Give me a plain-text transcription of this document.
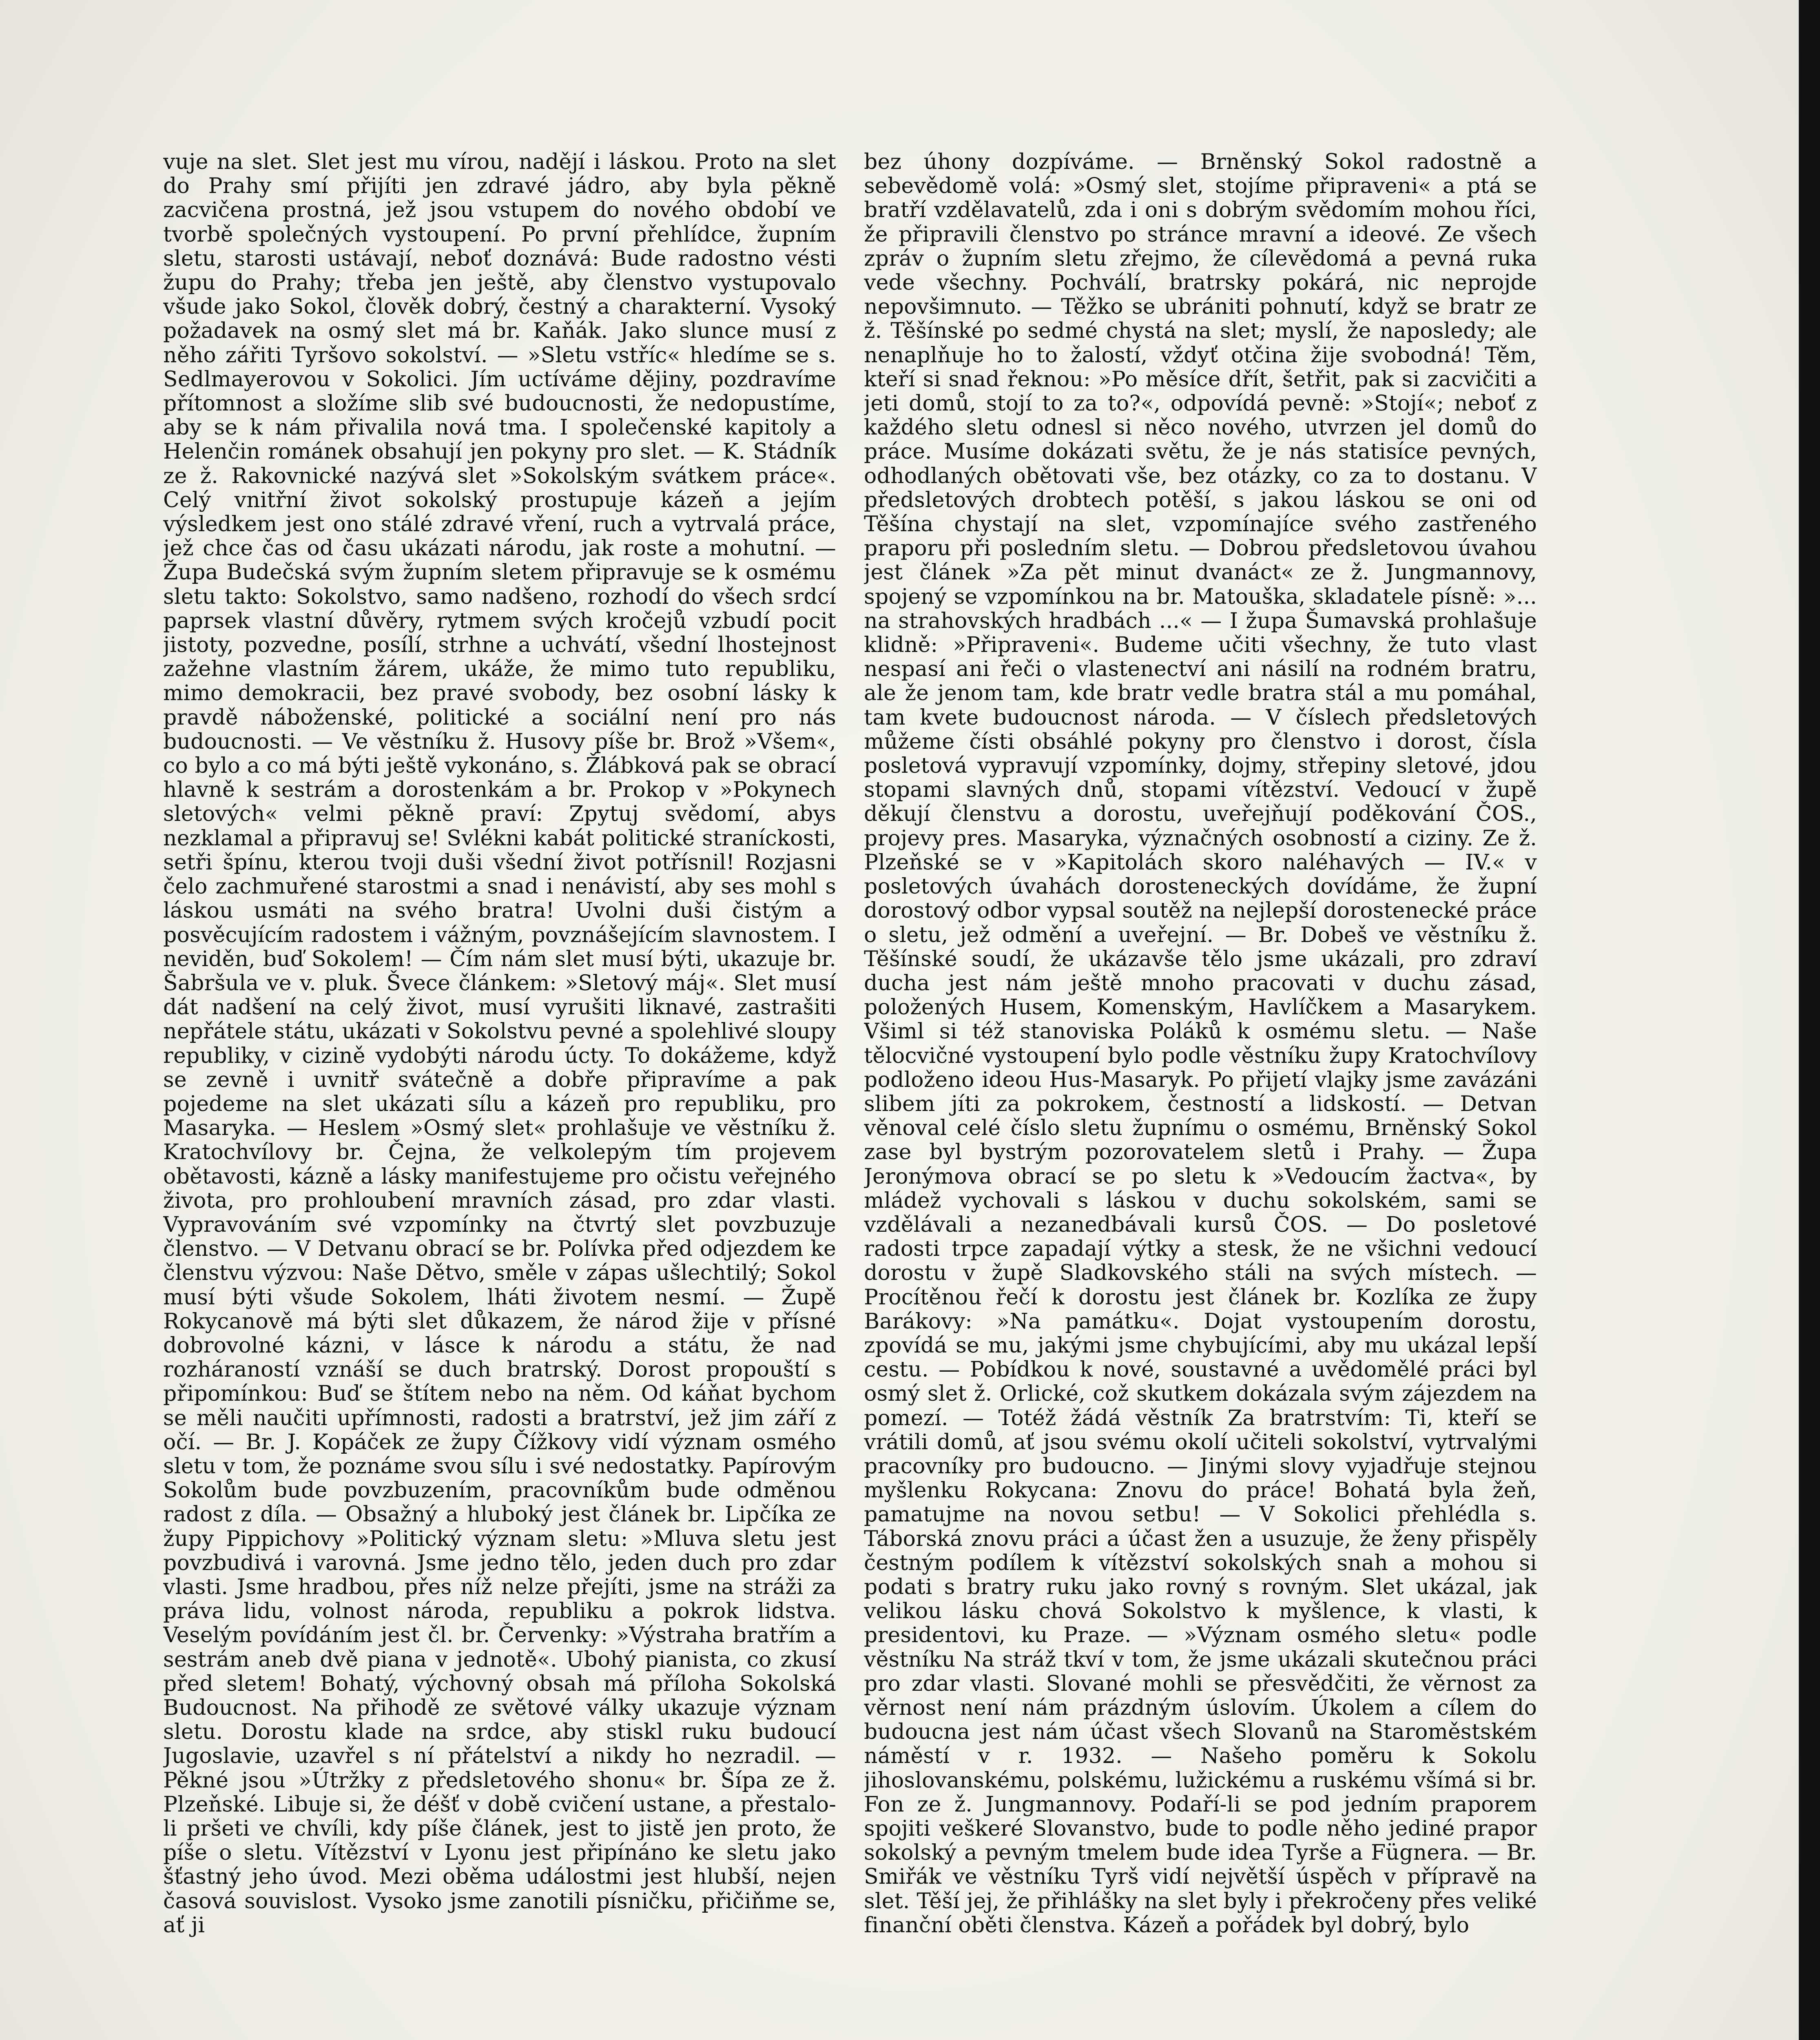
vuje na slet. Slet jest mu vírou, nadějí i láskou. Proto na slet do Prahy smí přijíti jen zdravé jádro, aby byla pěkně zacvičena prostná, jež jsou vstupem do nového období ve tvorbě společných vystoupení. Po první přehlídce, župním sletu, starosti ustávají, neboť doznává: Bude radostno vésti župu do Prahy; třeba jen ještě, aby členstvo vystupovalo všude jako Sokol, člověk dobrý, čestný a charakterní. Vysoký požadavek na osmý slet má br. Kaňák. Jako slunce musí z něho zářiti Tyršovo sokolství. — »Sletu vstříc« hledíme se s. Sedlmayerovou v Sokolici. Jím uctíváme dějiny, pozdravíme přítomnost a složíme slib své budoucnosti, že nedopustíme, aby se k nám přivalila nová tma. I společenské kapitoly a Helenčin románek obsahují jen pokyny pro slet. — K. Stádník ze ž. Rakovnické nazývá slet »Sokolským svátkem práce«. Celý vnitřní život sokolský prostupuje kázeň a jejím výsledkem jest ono stálé zdravé vření, ruch a vytrvalá práce, jež chce čas od času ukázati národu, jak roste a mohutní. — Župa Budečská svým župním sletem připravuje se k osmému sletu takto: Sokolstvo, samo nadšeno, rozhodí do všech srdcí paprsek vlastní důvěry, rytmem svých kročejů vzbudí pocit jistoty, pozvedne, posílí, strhne a uchvátí, všední lhostejnost zažehne vlastním žárem, ukáže, že mimo tuto republiku, mimo demokracii, bez pravé svobody, bez osobní lásky k pravdě náboženské, politické a sociální není pro nás budoucnosti. — Ve věstníku ž. Husovy píše br. Brož »Všem«, co bylo a co má býti ještě vykonáno, s. Žlábková pak se obrací hlavně k sestrám a dorostenkám a br. Prokop v »Pokynech sletových« velmi pěkně praví: Zpytuj svědomí, abys nezklamal a připravuj se! Svlékni kabát politické straníckosti, setři špínu, kterou tvoji duši všední život potřísnil! Rozjasni čelo zachmuřené starostmi a snad i nenávistí, aby ses mohl s láskou usmáti na svého bratra! Uvolni duši čistým a posvěcujícím radostem i vážným, povznášejícím slavnostem. I neviděn, buď Sokolem! — Čím nám slet musí býti, ukazuje br. Šabršula ve v. pluk. Švece článkem: »Sletový máj«. Slet musí dát nadšení na celý život, musí vyrušiti liknavé, zastrašiti nepřátele státu, ukázati v Sokolstvu pevné a spolehlivé sloupy republiky, v cizině vydobýti národu úcty. To dokážeme, když se zevně i uvnitř svátečně a dobře připravíme a pak pojedeme na slet ukázati sílu a kázeň pro republiku, pro Masaryka. — Heslem »Osmý slet« prohlašuje ve věstníku ž. Kratochvílovy br. Čejna, že velkolepým tím projevem obětavosti, kázně a lásky manifestujeme pro očistu veřejného života, pro prohloubení mravních zásad, pro zdar vlasti. Vypravováním své vzpomínky na čtvrtý slet povzbuzuje členstvo. — V Detvanu obrací se br. Polívka před odjezdem ke členstvu výzvou: Naše Dětvo, směle v zápas ušlechtilý; Sokol musí býti všude Sokolem, lháti životem nesmí. — Župě Rokycanově má býti slet důkazem, že národ žije v přísné dobrovolné kázni, v lásce k národu a státu, že nad rozháraností vznáší se duch bratrský. Dorost propouští s připomínkou: Buď se štítem nebo na něm. Od káňat bychom se měli naučiti upřímnosti, radosti a bratrství, jež jim září z očí. — Br. J. Kopáček ze župy Čížkovy vidí význam osmého sletu v tom, že poznáme svou sílu i své nedostatky. Papírovým Sokolům bude povzbuzením, pracovníkům bude odměnou radost z díla. — Obsažný a hluboký jest článek br. Lipčíka ze župy Pippichovy »Politický význam sletu: »Mluva sletu jest povzbudivá i varovná. Jsme jedno tělo, jeden duch pro zdar vlasti. Jsme hradbou, přes níž nelze přejíti, jsme na stráži za práva lidu, volnost národa, republiku a pokrok lidstva. Veselým povídáním jest čl. br. Červenky: »Výstraha bratřím a sestrám aneb dvě piana v jednotě«. Ubohý pianista, co zkusí před sletem! Bohatý, výchovný obsah má příloha Sokolská Budoucnost. Na přihodě ze světové války ukazuje význam sletu. Dorostu klade na srdce, aby stiskl ruku budoucí Jugoslavie, uzavřel s ní přátelství a nikdy ho nezradil. — Pěkné jsou »Útržky z předsletového shonu« br. Šípa ze ž. Plzeňské. Libuje si, že déšť v době cvičení ustane, a přestalo-li pršeti ve chvíli, kdy píše článek, jest to jistě jen proto, že píše o sletu. Vítězství v Lyonu jest připínáno ke sletu jako šťastný jeho úvod. Mezi oběma událostmi jest hlubší, nejen časová souvislost. Vysoko jsme zanotili písničku, přičiňme se, ať ji
bez úhony dozpíváme. — Brněnský Sokol radostně a sebevědomě volá: »Osmý slet, stojíme připraveni« a ptá se bratří vzdělavatelů, zda i oni s dobrým svědomím mohou říci, že připravili členstvo po stránce mravní a ideové. Ze všech zpráv o župním sletu zřejmo, že cílevědomá a pevná ruka vede všechny. Pochválí, bratrsky pokárá, nic neprojde nepovšimnuto. — Těžko se ubrániti pohnutí, když se bratr ze ž. Těšínské po sedmé chystá na slet; myslí, že naposledy; ale nenaplňuje ho to žalostí, vždyť otčina žije svobodná! Těm, kteří si snad řeknou: »Po měsíce dřít, šetřit, pak si zacvičiti a jeti domů, stojí to za to?«, odpovídá pevně: »Stojí«; neboť z každého sletu odnesl si něco nového, utvrzen jel domů do práce. Musíme dokázati světu, že je nás statisíce pevných, odhodlaných obětovati vše, bez otázky, co za to dostanu. V předsletových drobtech potěší, s jakou láskou se oni od Těšína chystají na slet, vzpomínajíce svého zastřeného praporu při posledním sletu. — Dobrou předsletovou úvahou jest článek »Za pět minut dvanáct« ze ž. Jungmannovy, spojený se vzpomínkou na br. Matouška, skladatele písně: »... na strahovských hradbách ...« — I župa Šumavská prohlašuje klidně: »Připraveni«. Budeme učiti všechny, že tuto vlast nespasí ani řeči o vlastenectví ani násilí na rodném bratru, ale že jenom tam, kde bratr vedle bratra stál a mu pomáhal, tam kvete budoucnost národa. — V číslech předsletových můžeme čísti obsáhlé pokyny pro členstvo i dorost, čísla posletová vypravují vzpomínky, dojmy, střepiny sletové, jdou stopami slavných dnů, stopami vítězství. Vedoucí v župě děkují členstvu a dorostu, uveřejňují poděkování ČOS., projevy pres. Masaryka, význačných osobností a ciziny. Ze ž. Plzeňské se v »Kapitolách skoro naléhavých — IV.« v posletových úvahách dorosteneckých dovídáme, že župní dorostový odbor vypsal soutěž na nejlepší dorostenecké práce o sletu, jež odmění a uveřejní. — Br. Dobeš ve věstníku ž. Těšínské soudí, že ukázavše tělo jsme ukázali, pro zdraví ducha jest nám ještě mnoho pracovati v duchu zásad, položených Husem, Komenským, Havlíčkem a Masarykem. Všiml si též stanoviska Poláků k osmému sletu. — Naše tělocvičné vystoupení bylo podle věstníku župy Kratochvílovy podloženo ideou Hus-Masaryk. Po přijetí vlajky jsme zavázáni slibem jíti za pokrokem, čestností a lidskostí. — Detvan věnoval celé číslo sletu župnímu o osmému, Brněnský Sokol zase byl bystrým pozorovatelem sletů i Prahy. — Župa Jeronýmova obrací se po sletu k »Vedoucím žactva«, by mládež vychovali s láskou v duchu sokolském, sami se vzdělávali a nezanedbávali kursů ČOS. — Do posletové radosti trpce zapadají výtky a stesk, že ne všichni vedoucí dorostu v župě Sladkovského stáli na svých místech. — Procítěnou řečí k dorostu jest článek br. Kozlíka ze župy Barákovy: »Na památku«. Dojat vystoupením dorostu, zpovídá se mu, jakými jsme chybujícími, aby mu ukázal lepší cestu. — Pobídkou k nové, soustavné a uvědomělé práci byl osmý slet ž. Orlické, což skutkem dokázala svým zájezdem na pomezí. — Totéž žádá věstník Za bratrstvím: Ti, kteří se vrátili domů, ať jsou svému okolí učiteli sokolství, vytrvalými pracovníky pro budoucno. — Jinými slovy vyjadřuje stejnou myšlenku Rokycana: Znovu do práce! Bohatá byla žeň, pamatujme na novou setbu! — V Sokolici přehlédla s. Táborská znovu práci a účast žen a usuzuje, že ženy přispěly čestným podílem k vítězství sokolských snah a mohou si podati s bratry ruku jako rovný s rovným. Slet ukázal, jak velikou lásku chová Sokolstvo k myšlence, k vlasti, k presidentovi, ku Praze. — »Význam osmého sletu« podle věstníku Na stráž tkví v tom, že jsme ukázali skutečnou práci pro zdar vlasti. Slované mohli se přesvědčiti, že věrnost za věrnost není nám prázdným úslovím. Úkolem a cílem do budoucna jest nám účast všech Slovanů na Staroměstském náměstí v r. 1932. — Našeho poměru k Sokolu jihoslovanskému, polskému, lužickému a ruskému všímá si br. Fon ze ž. Jungmannovy. Podaří-li se pod jedním praporem spojiti veškeré Slovanstvo, bude to podle něho jediné prapor sokolský a pevným tmelem bude idea Tyrše a Fügnera. — Br. Smiřák ve věstníku Tyrš vidí největší úspěch v přípravě na slet. Těší jej, že přihlášky na slet byly i překročeny přes veliké finanční oběti členstva. Kázeň a pořádek byl dobrý, bylo
